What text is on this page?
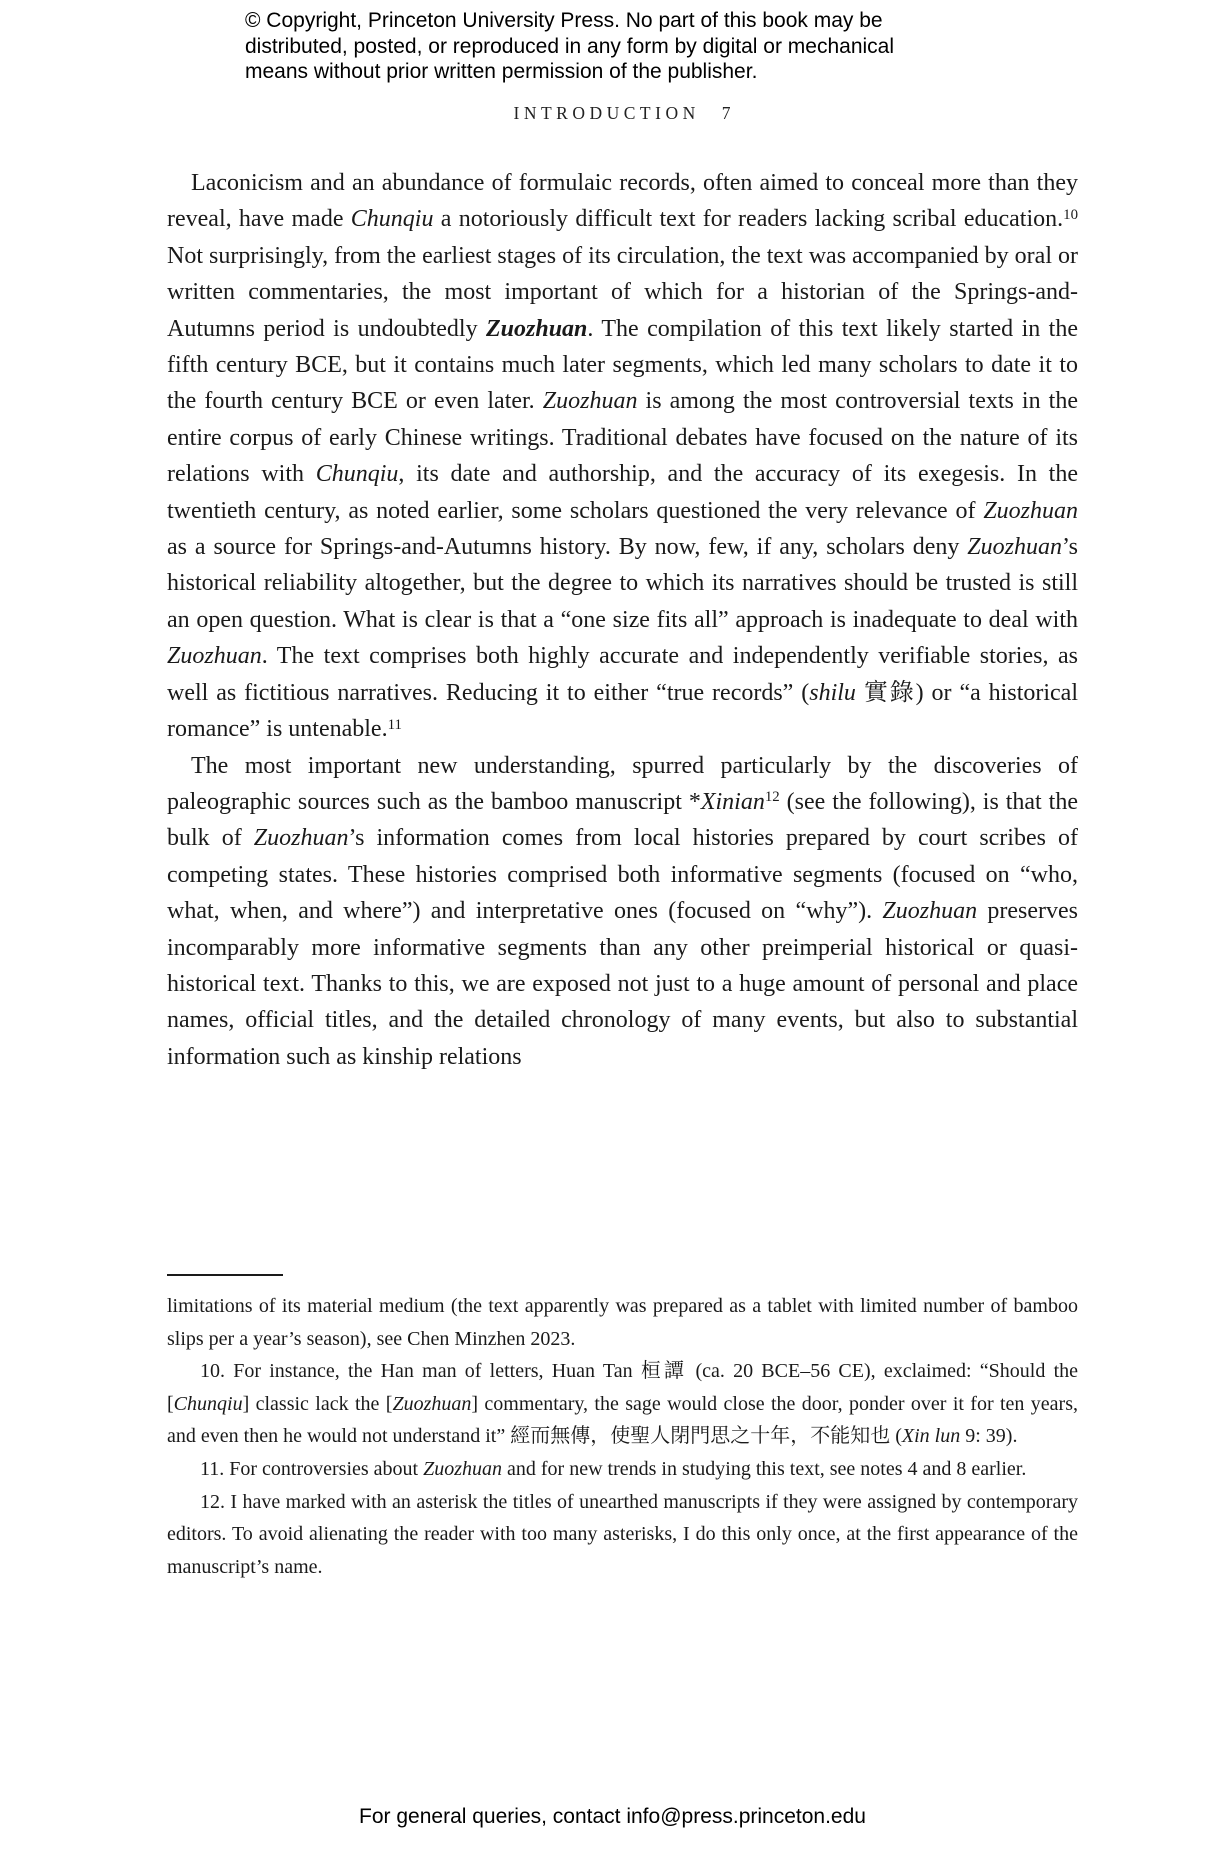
© Copyright, Princeton University Press. No part of this book may be
distributed, posted, or reproduced in any form by digital or mechanical
means without prior written permission of the publisher.
INTRODUCTION 7

Laconicism and an abundance of formulaic records, often aimed to conceal more than they reveal, have made Chunqiu a notoriously difficult text for readers lacking scribal education.$^{10}$ Not surprisingly, from the earliest stages of its circulation, the text was accompanied by oral or written commentaries, the most important of which for a historian of the Springs-and-Autumns period is undoubtedly Zuozhuan. The compilation of this text likely started in the fifth century BCE, but it contains much later segments, which led many scholars to date it to the fourth century BCE or even later. Zuozhuan is among the most controversial texts in the entire corpus of early Chinese writings. Traditional debates have focused on the nature of its relations with Chunqiu, its date and authorship, and the accuracy of its exegesis. In the twentieth century, as noted earlier, some scholars questioned the very relevance of Zuozhuan as a source for Springs-and-Autumns history. By now, few, if any, scholars deny Zuozhuan’s historical reliability altogether, but the degree to which its narratives should be trusted is still an open question. What is clear is that a “one size fits all” approach is inadequate to deal with Zuozhuan. The text comprises both highly accurate and independently verifiable stories, as well as fictitious narratives. Reducing it to either “true records” (shilu 實錄) or “a historical romance” is untenable.$^{11}$

The most important new understanding, spurred particularly by the discoveries of paleographic sources such as the bamboo manuscript *Xinian$^{12}$ (see the following), is that the bulk of Zuozhuan’s information comes from local histories prepared by court scribes of competing states. These histories comprised both informative segments (focused on “who, what, when, and where”) and interpretative ones (focused on “why”). Zuozhuan preserves incomparably more informative segments than any other preimperial historical or quasi-historical text. Thanks to this, we are exposed not just to a huge amount of personal and place names, official titles, and the detailed chronology of many events, but also to substantial information such as kinship relations

limitations of its material medium (the text apparently was prepared as a tablet with limited number of bamboo slips per a year’s season), see Chen Minzhen 2023.

10. For instance, the Han man of letters, Huan Tan 桓譚 (ca. 20 BCE–56 CE), exclaimed: “Should the [Chunqiu] classic lack the [Zuozhuan] commentary, the sage would close the door, ponder over it for ten years, and even then he would not understand it” 經而無傳，使聖人閉門思之十年，不能知也 (Xin lun 9: 39).

11. For controversies about Zuozhuan and for new trends in studying this text, see notes 4 and 8 earlier.

12. I have marked with an asterisk the titles of unearthed manuscripts if they were assigned by contemporary editors. To avoid alienating the reader with too many asterisks, I do this only once, at the first appearance of the manuscript’s name.

For general queries, contact info@press.princeton.edu
